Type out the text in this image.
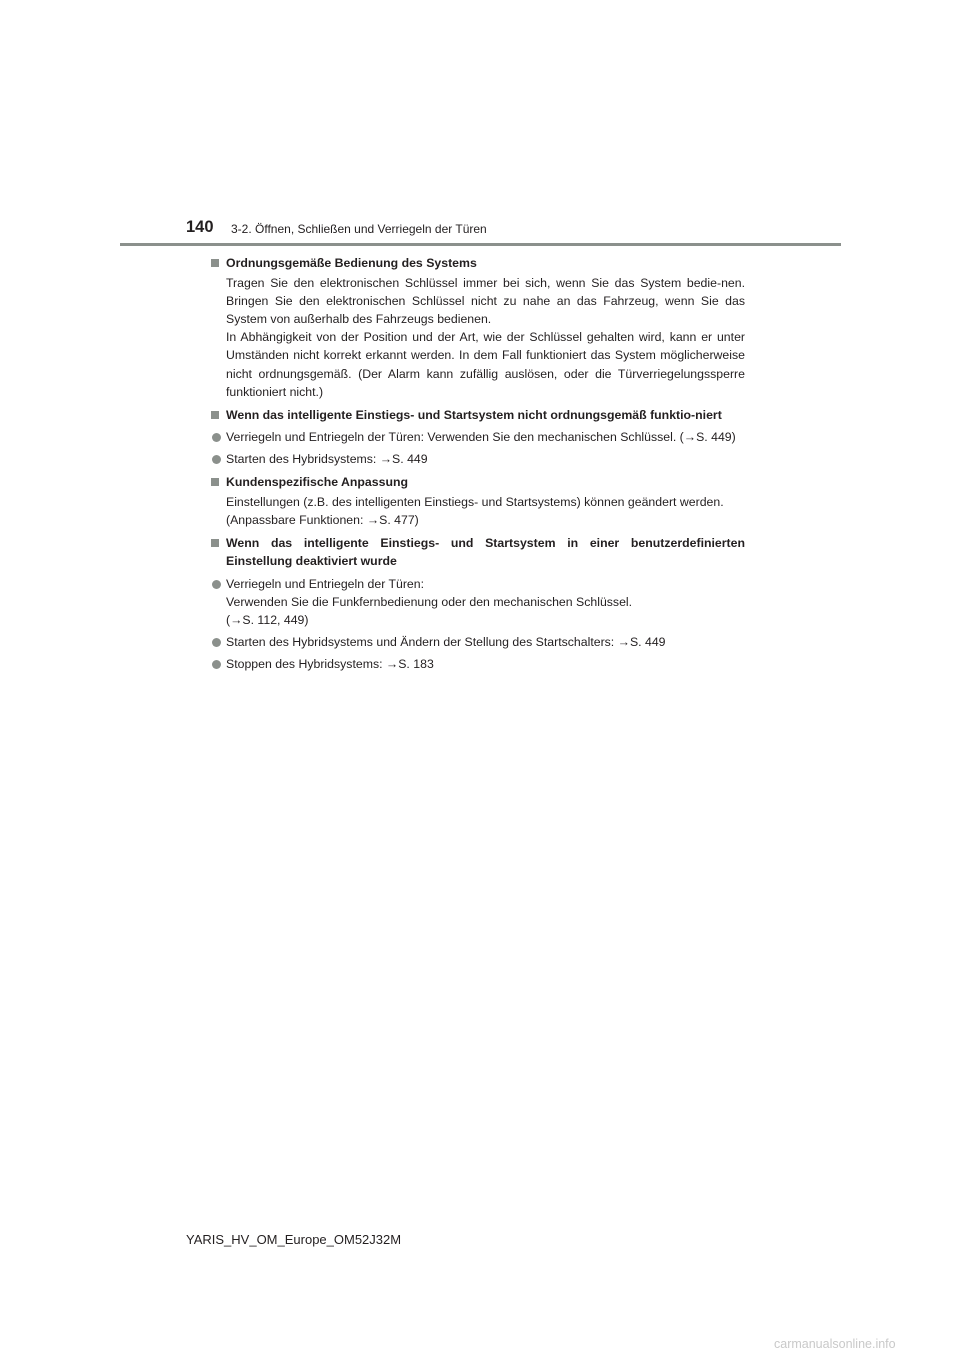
140 3-2. Öffnen, Schließen und Verriegeln der Türen
Ordnungsgemäße Bedienung des Systems

Tragen Sie den elektronischen Schlüssel immer bei sich, wenn Sie das System bedie-nen. Bringen Sie den elektronischen Schlüssel nicht zu nahe an das Fahrzeug, wenn Sie das System von außerhalb des Fahrzeugs bedienen.

In Abhängigkeit von der Position und der Art, wie der Schlüssel gehalten wird, kann er unter Umständen nicht korrekt erkannt werden. In dem Fall funktioniert das System möglicherweise nicht ordnungsgemäß. (Der Alarm kann zufällig auslösen, oder die Türverriegelungssperre funktioniert nicht.)

Wenn das intelligente Einstiegs- und Startsystem nicht ordnungsgemäß funktio-niert
Verriegeln und Entriegeln der Türen: Verwenden Sie den mechanischen Schlüssel. (→S. 449)
Starten des Hybridsystems: →S. 449
Kundenspezifische Anpassung

Einstellungen (z.B. des intelligenten Einstiegs- und Startsystems) können geändert werden.

(Anpassbare Funktionen: →S. 477)

Wenn das intelligente Einstiegs- und Startsystem in einer benutzerdefinierten Einstellung deaktiviert wurde

Verriegeln und Entriegeln der Türen:

Verwenden Sie die Funkfernbedienung oder den mechanischen Schlüssel.

(→S. 112, 449)

Starten des Hybridsystems und Ändern der Stellung des Startschalters: →S. 449
Stoppen des Hybridsystems: →S. 183
YARIS_HV_OM_Europe_OM52J32M
carmanualsonline.info
